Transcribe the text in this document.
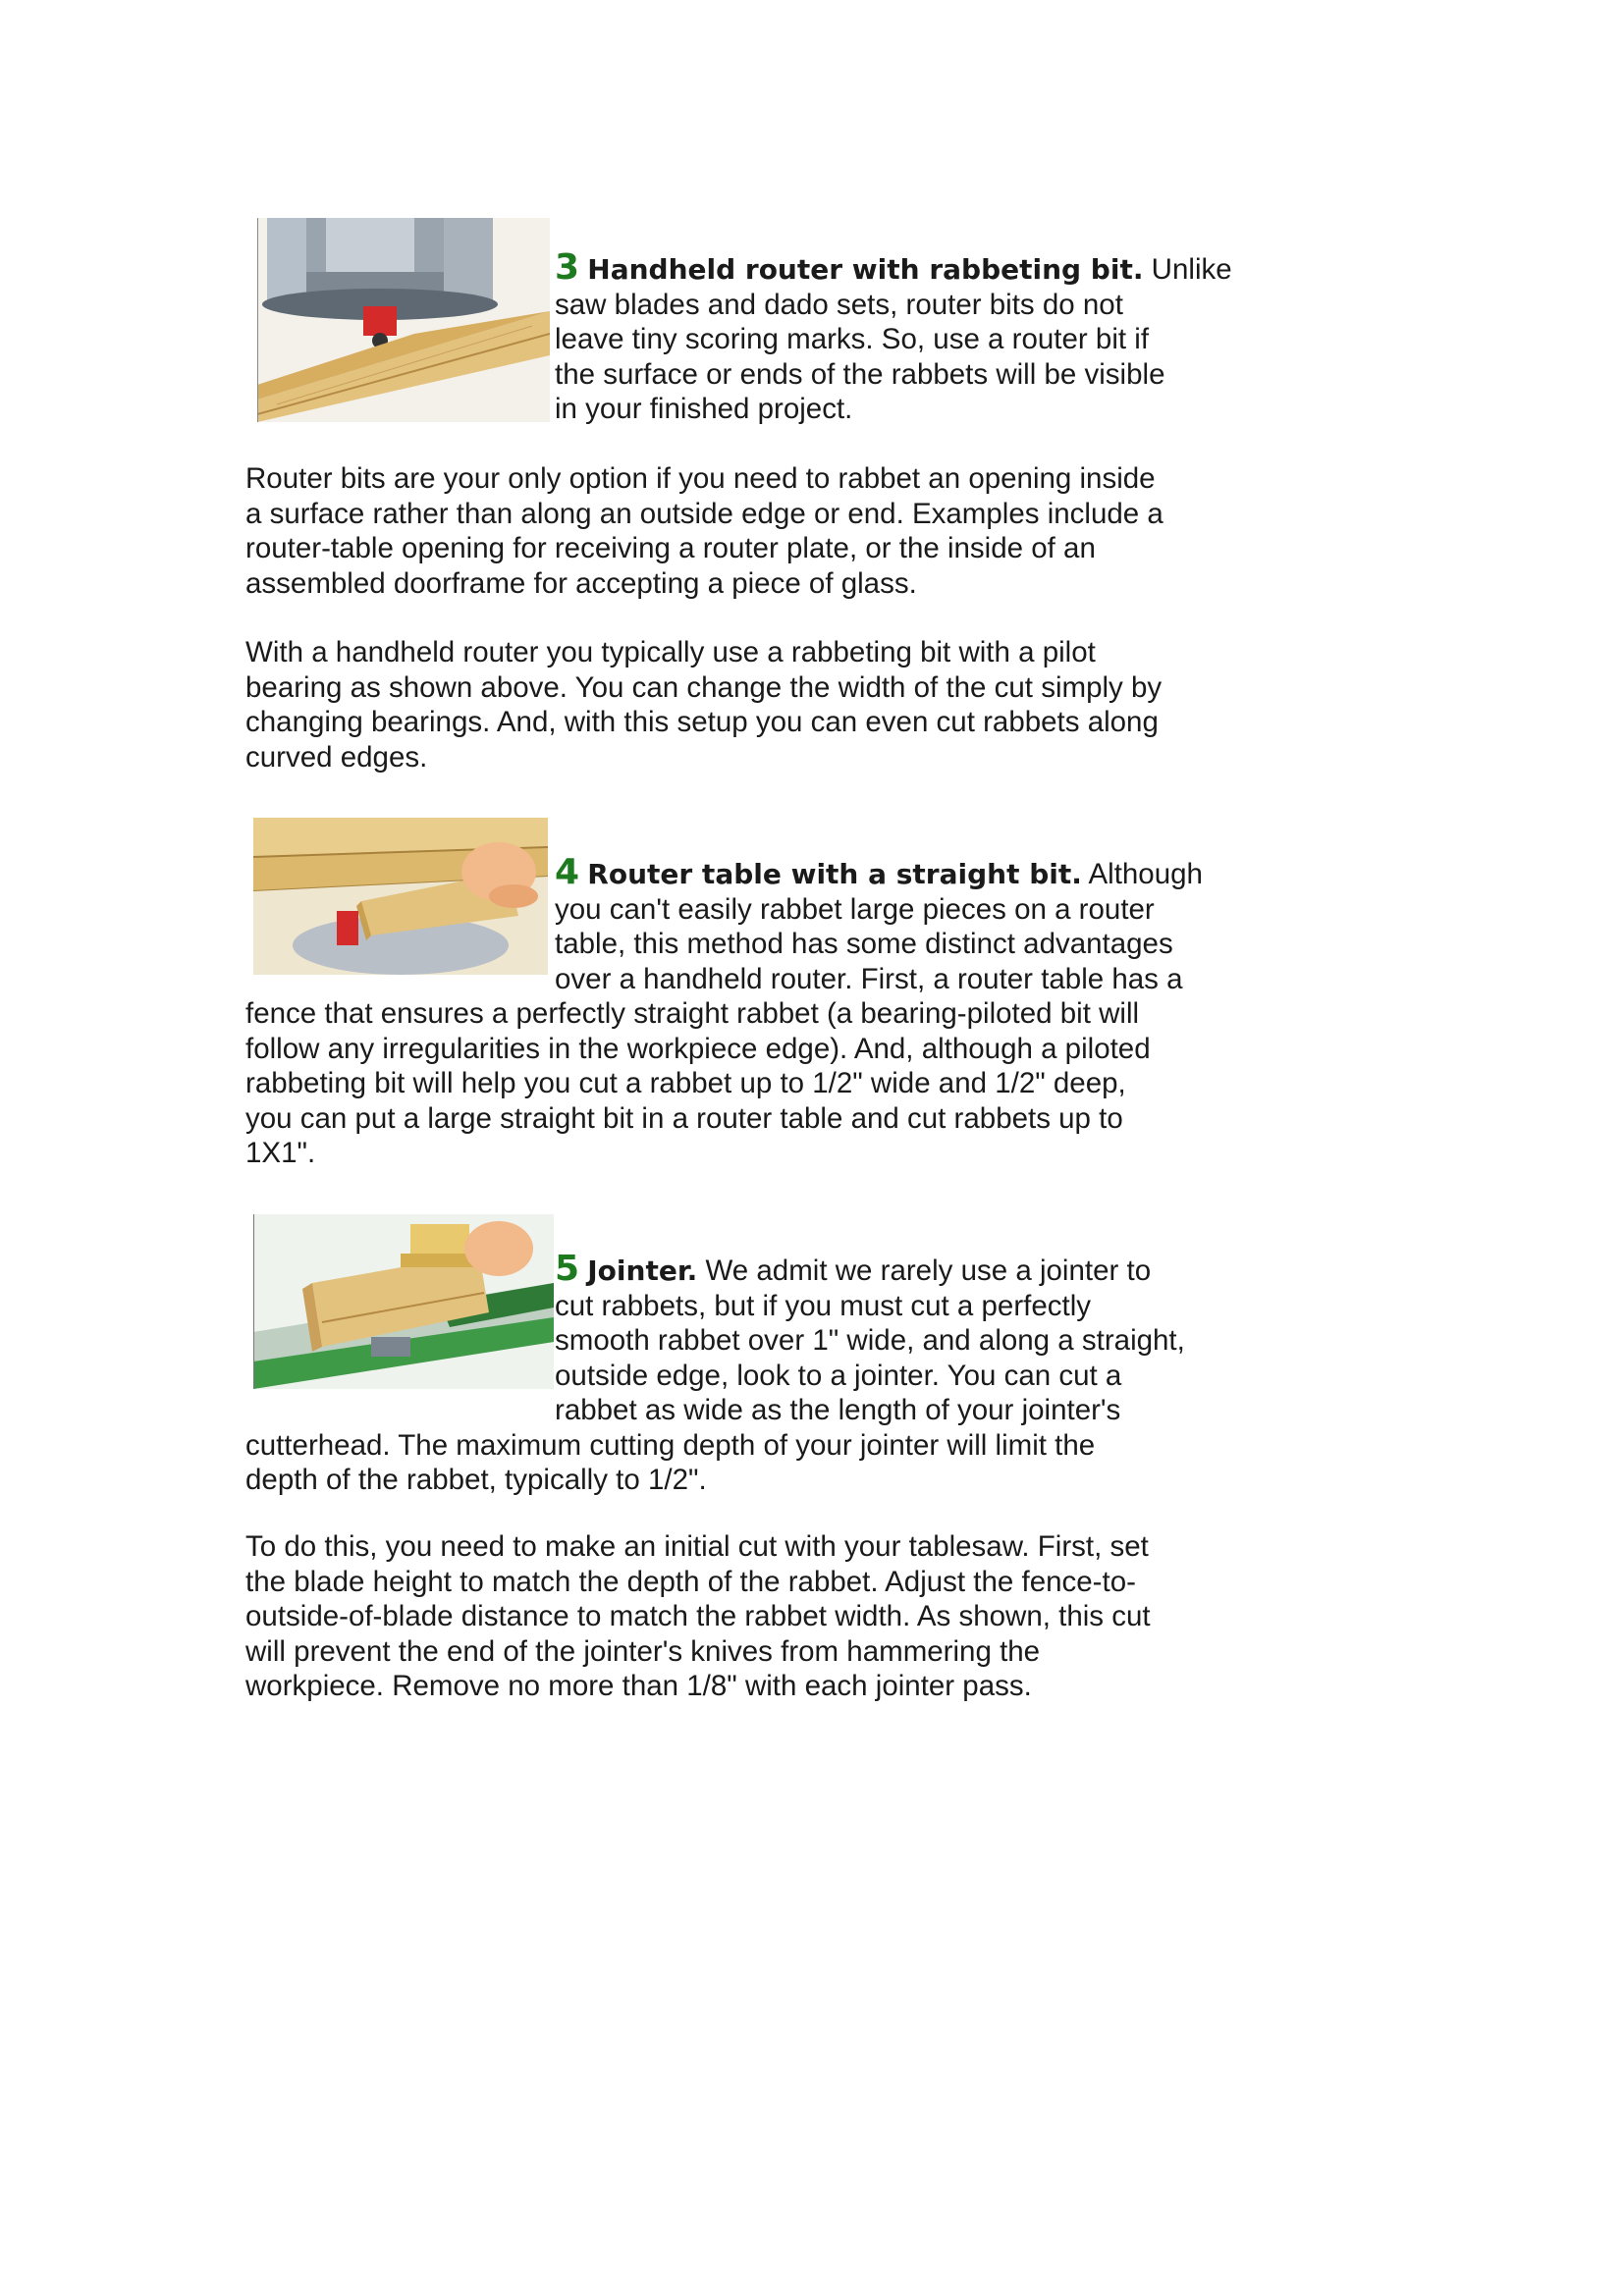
3 Handheld router with rabbeting bit. Unlike
saw blades and dado sets, router bits do not
leave tiny scoring marks. So, use a router bit if
the surface or ends of the rabbets will be visible
in your finished project.

Router bits are your only option if you need to rabbet an opening inside
a surface rather than along an outside edge or end. Examples include a
router-table opening for receiving a router plate, or the inside of an
assembled doorframe for accepting a piece of glass.

With a handheld router you typically use a rabbeting bit with a pilot
bearing as shown above. You can change the width of the cut simply by
changing bearings. And, with this setup you can even cut rabbets along
curved edges.

4 Router table with a straight bit. Although
you can't easily rabbet large pieces on a router
table, this method has some distinct advantages
over a handheld router. First, a router table has a
fence that ensures a perfectly straight rabbet (a bearing-piloted bit will
follow any irregularities in the workpiece edge). And, although a piloted
rabbeting bit will help you cut a rabbet up to 1/2" wide and 1/2" deep,
you can put a large straight bit in a router table and cut rabbets up to
1X1".

5 Jointer. We admit we rarely use a jointer to
cut rabbets, but if you must cut a perfectly
smooth rabbet over 1" wide, and along a straight,
outside edge, look to a jointer. You can cut a
rabbet as wide as the length of your jointer's
cutterhead. The maximum cutting depth of your jointer will limit the
depth of the rabbet, typically to 1/2".

To do this, you need to make an initial cut with your tablesaw. First, set
the blade height to match the depth of the rabbet. Adjust the fence-to-
outside-of-blade distance to match the rabbet width. As shown, this cut
will prevent the end of the jointer's knives from hammering the
workpiece. Remove no more than 1/8" with each jointer pass.
